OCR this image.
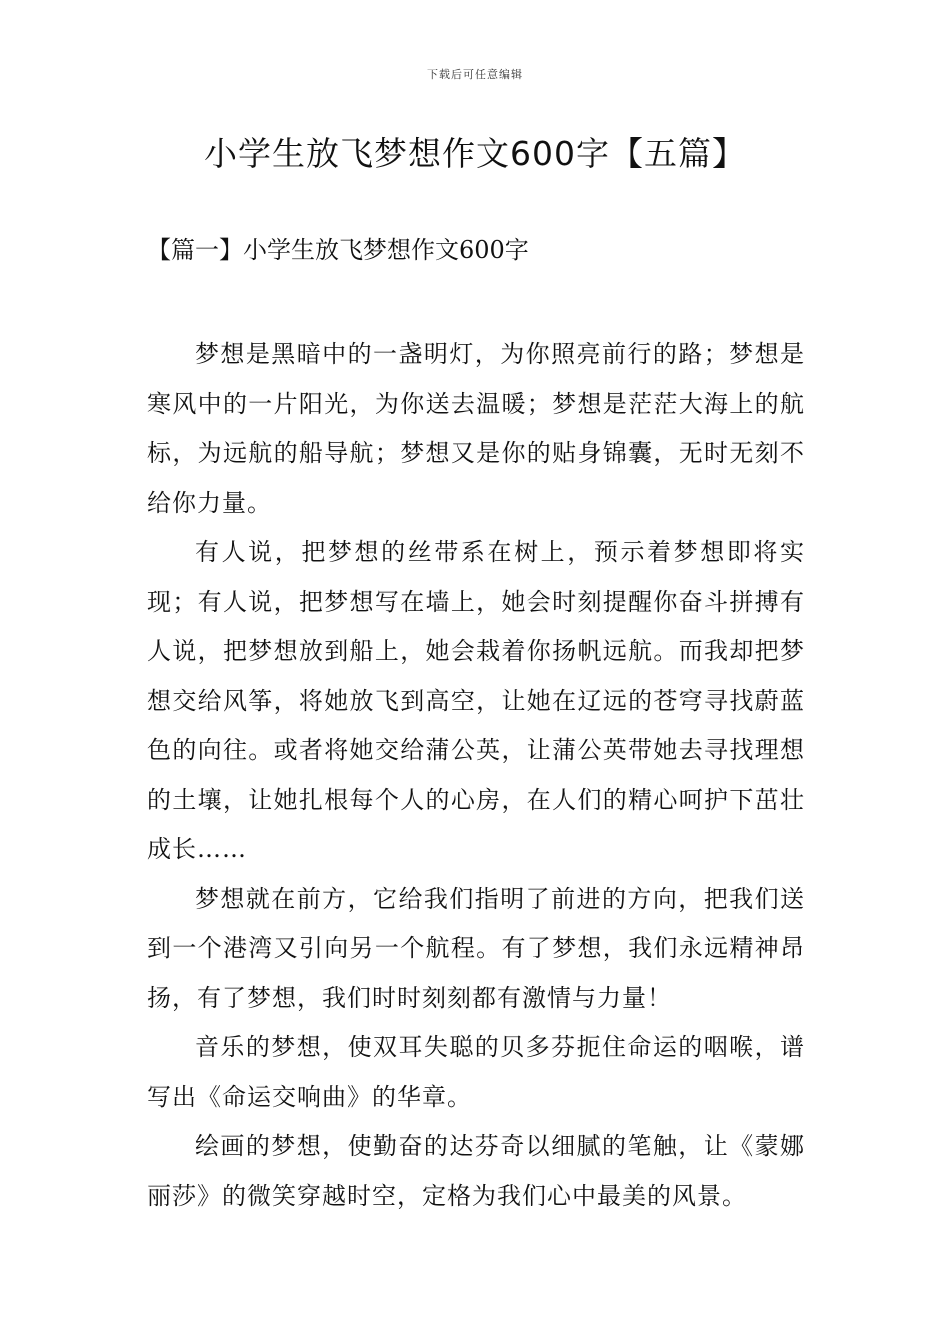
下载后可任意编辑
小学生放飞梦想作文600字【五篇】
【篇一】小学生放飞梦想作文600字

梦想是黑暗中的一盏明灯，为你照亮前行的路；梦想是寒风中的一片阳光，为你送去温暖；梦想是茫茫大海上的航标，为远航的船导航；梦想又是你的贴身锦囊，无时无刻不给你力量。

有人说，把梦想的丝带系在树上，预示着梦想即将实现；有人说，把梦想写在墙上，她会时刻提醒你奋斗拼搏有人说，把梦想放到船上，她会栽着你扬帆远航。而我却把梦想交给风筝，将她放飞到高空，让她在辽远的苍穹寻找蔚蓝色的向往。或者将她交给蒲公英，让蒲公英带她去寻找理想的土壤，让她扎根每个人的心房，在人们的精心呵护下茁壮成长……

梦想就在前方，它给我们指明了前进的方向，把我们送到一个港湾又引向另一个航程。有了梦想，我们永远精神昂扬，有了梦想，我们时时刻刻都有激情与力量！

音乐的梦想，使双耳失聪的贝多芬扼住命运的咽喉，谱写出《命运交响曲》的华章。

绘画的梦想，使勤奋的达芬奇以细腻的笔触，让《蒙娜丽莎》的微笑穿越时空，定格为我们心中最美的风景。
